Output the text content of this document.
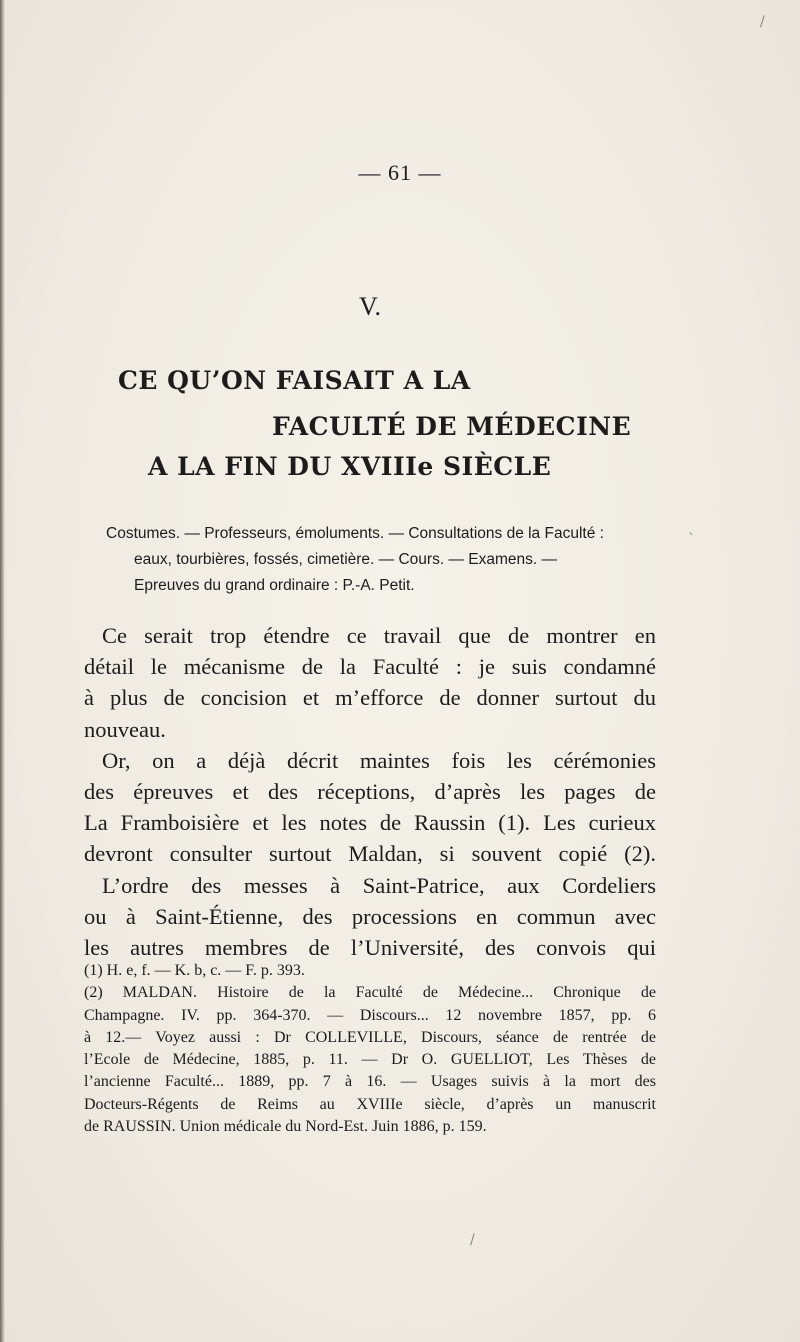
— 61 —
V.
CE QU’ON FAISAIT A LA
FACULTÉ DE MÉDECINE
A LA FIN DU XVIIIe SIÈCLE
Costumes. — Professeurs, émoluments. — Consultations de la Faculté :
eaux, tourbières, fossés, cimetière. — Cours. — Examens. —
Epreuves du grand ordinaire : P.-A. Petit.
Ce serait trop étendre ce travail que de montrer en
détail le mécanisme de la Faculté : je suis condamné
à plus de concision et m’efforce de donner surtout du
nouveau.
Or, on a déjà décrit maintes fois les cérémonies
des épreuves et des réceptions, d’après les pages de
La Framboisière et les notes de Raussin (1). Les curieux
devront consulter surtout Maldan, si souvent copié (2).
L’ordre des messes à Saint-Patrice, aux Cordeliers
ou à Saint-Étienne, des processions en commun avec
les autres membres de l’Université, des convois qui
(1) H. e, f. — K. b, c. — F. p. 393.
(2) MALDAN. Histoire de la Faculté de Médecine... Chronique de
Champagne. IV. pp. 364-370. — Discours... 12 novembre 1857, pp. 6
à 12.— Voyez aussi : Dr COLLEVILLE, Discours, séance de rentrée de
l’Ecole de Médecine, 1885, p. 11. — Dr O. GUELLIOT, Les Thèses de
l’ancienne Faculté... 1889, pp. 7 à 16. — Usages suivis à la mort des
Docteurs-Régents de Reims au XVIIIe siècle, d’après un manuscrit
de RAUSSIN. Union médicale du Nord-Est. Juin 1886, p. 159.
/
`
/
